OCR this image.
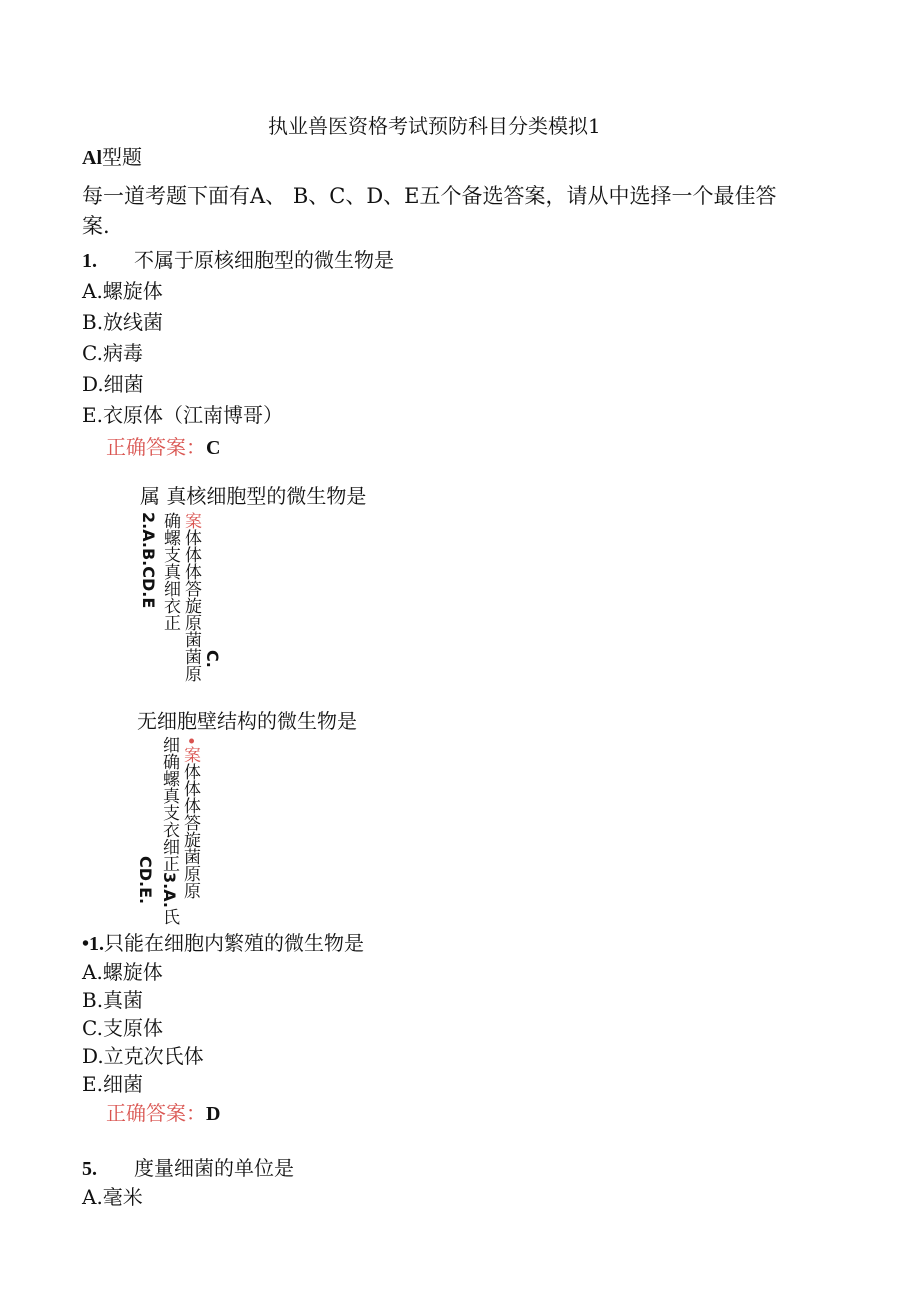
执业兽医资格考试预防科目分类模拟1
Al型题
每一道考题下面有A、 B、C、D、E五个备选答案，请从中选择一个最佳答
案.
1. 不属于原核细胞型的微生物是
A.螺旋体
B.放线菌
C.病毒
D.细菌
E.衣原体（江南博哥）
正确答案：C
属 真核细胞型的微生物是
2.A.B.CD.E 确螺支真细衣正 案体体体答旋原菌菌原 C.
无细胞壁结构的微生物是
细确螺真支衣细正3.A.氏
•案体体体答旋菌原原
CD.E.
•1.只能在细胞内繁殖的微生物是
A.螺旋体
B.真菌
C.支原体
D.立克次氏体
E.细菌
正确答案：D
5. 度量细菌的单位是
A.毫米
